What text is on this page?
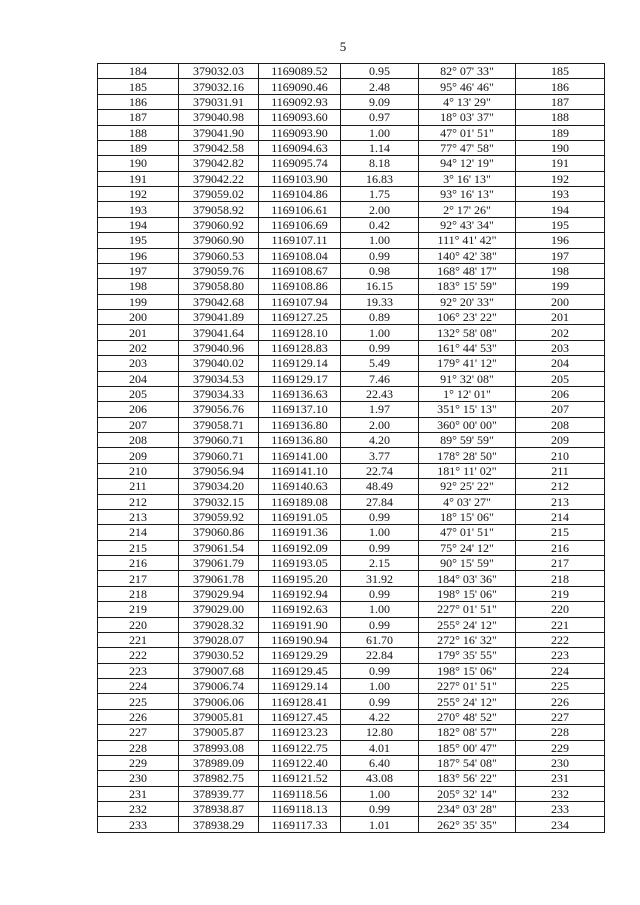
5
184	379032.03	1169089.52	0.95	82° 07' 33"	185
185	379032.16	1169090.46	2.48	95° 46' 46"	186
186	379031.91	1169092.93	9.09	4° 13' 29"	187
187	379040.98	1169093.60	0.97	18° 03' 37"	188
188	379041.90	1169093.90	1.00	47° 01' 51"	189
189	379042.58	1169094.63	1.14	77° 47' 58"	190
190	379042.82	1169095.74	8.18	94° 12' 19"	191
191	379042.22	1169103.90	16.83	3° 16' 13"	192
192	379059.02	1169104.86	1.75	93° 16' 13"	193
193	379058.92	1169106.61	2.00	2° 17' 26"	194
194	379060.92	1169106.69	0.42	92° 43' 34"	195
195	379060.90	1169107.11	1.00	111° 41' 42"	196
196	379060.53	1169108.04	0.99	140° 42' 38"	197
197	379059.76	1169108.67	0.98	168° 48' 17"	198
198	379058.80	1169108.86	16.15	183° 15' 59"	199
199	379042.68	1169107.94	19.33	92° 20' 33"	200
200	379041.89	1169127.25	0.89	106° 23' 22"	201
201	379041.64	1169128.10	1.00	132° 58' 08"	202
202	379040.96	1169128.83	0.99	161° 44' 53"	203
203	379040.02	1169129.14	5.49	179° 41' 12"	204
204	379034.53	1169129.17	7.46	91° 32' 08"	205
205	379034.33	1169136.63	22.43	1° 12' 01"	206
206	379056.76	1169137.10	1.97	351° 15' 13"	207
207	379058.71	1169136.80	2.00	360° 00' 00"	208
208	379060.71	1169136.80	4.20	89° 59' 59"	209
209	379060.71	1169141.00	3.77	178° 28' 50"	210
210	379056.94	1169141.10	22.74	181° 11' 02"	211
211	379034.20	1169140.63	48.49	92° 25' 22"	212
212	379032.15	1169189.08	27.84	4° 03' 27"	213
213	379059.92	1169191.05	0.99	18° 15' 06"	214
214	379060.86	1169191.36	1.00	47° 01' 51"	215
215	379061.54	1169192.09	0.99	75° 24' 12"	216
216	379061.79	1169193.05	2.15	90° 15' 59"	217
217	379061.78	1169195.20	31.92	184° 03' 36"	218
218	379029.94	1169192.94	0.99	198° 15' 06"	219
219	379029.00	1169192.63	1.00	227° 01' 51"	220
220	379028.32	1169191.90	0.99	255° 24' 12"	221
221	379028.07	1169190.94	61.70	272° 16' 32"	222
222	379030.52	1169129.29	22.84	179° 35' 55"	223
223	379007.68	1169129.45	0.99	198° 15' 06"	224
224	379006.74	1169129.14	1.00	227° 01' 51"	225
225	379006.06	1169128.41	0.99	255° 24' 12"	226
226	379005.81	1169127.45	4.22	270° 48' 52"	227
227	379005.87	1169123.23	12.80	182° 08' 57"	228
228	378993.08	1169122.75	4.01	185° 00' 47"	229
229	378989.09	1169122.40	6.40	187° 54' 08"	230
230	378982.75	1169121.52	43.08	183° 56' 22"	231
231	378939.77	1169118.56	1.00	205° 32' 14"	232
232	378938.87	1169118.13	0.99	234° 03' 28"	233
233	378938.29	1169117.33	1.01	262° 35' 35"	234
